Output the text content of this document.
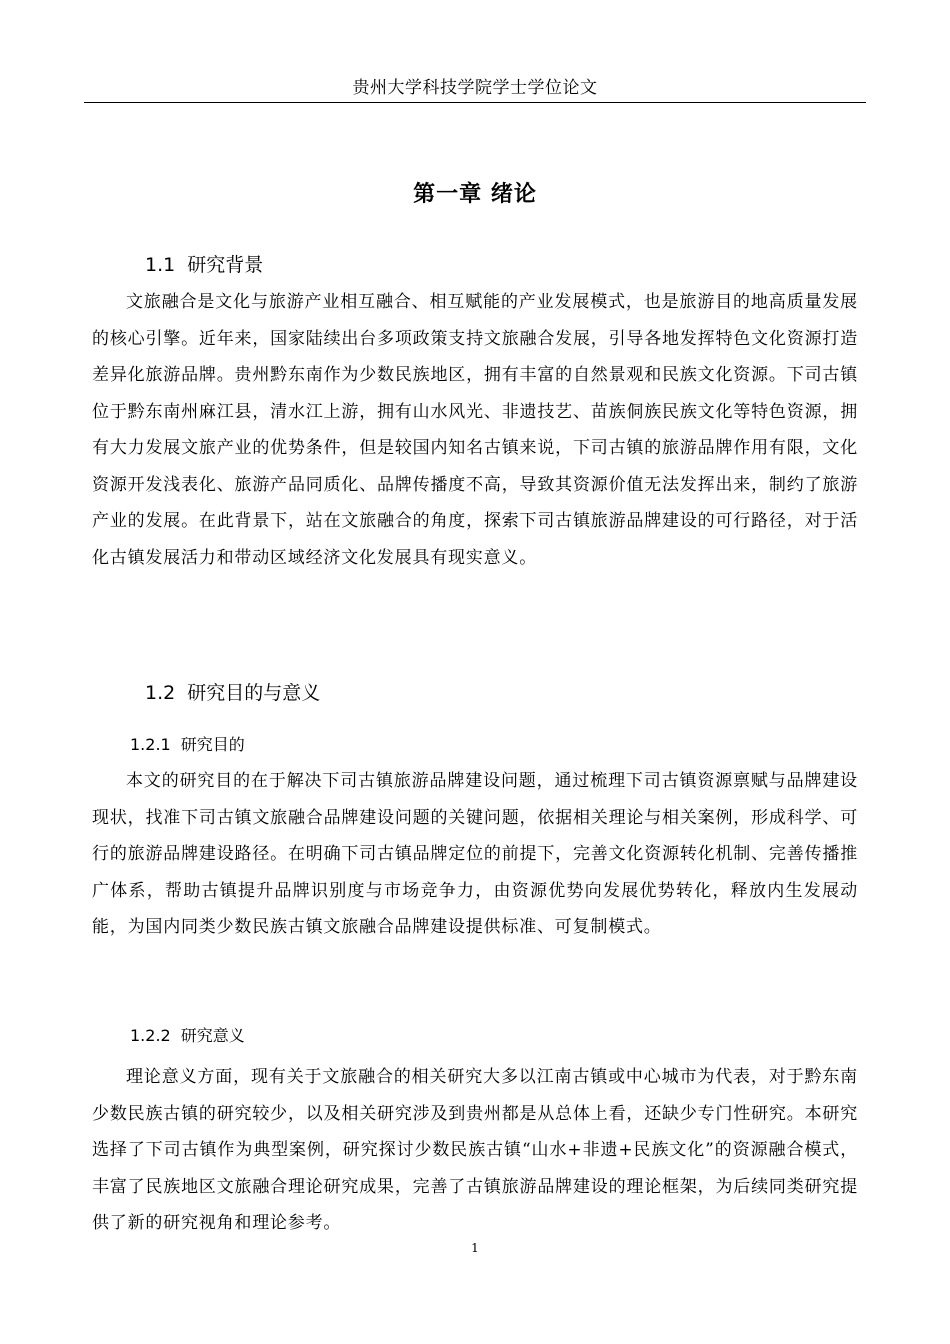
贵州大学科技学院学士学位论文
第一章 绪论
1.1 研究背景

文旅融合是文化与旅游产业相互融合、相互赋能的产业发展模式，也是旅游目的地高质量发展的核心引擎。近年来，国家陆续出台多项政策支持文旅融合发展，引导各地发挥特色文化资源打造差异化旅游品牌。贵州黔东南作为少数民族地区，拥有丰富的自然景观和民族文化资源。下司古镇位于黔东南州麻江县，清水江上游，拥有山水风光、非遗技艺、苗族侗族民族文化等特色资源，拥有大力发展文旅产业的优势条件，但是较国内知名古镇来说，下司古镇的旅游品牌作用有限，文化资源开发浅表化、旅游产品同质化、品牌传播度不高，导致其资源价值无法发挥出来，制约了旅游产业的发展。在此背景下，站在文旅融合的角度，探索下司古镇旅游品牌建设的可行路径，对于活化古镇发展活力和带动区域经济文化发展具有现实意义。

1.2 研究目的与意义
1.2.1 研究目的

本文的研究目的在于解决下司古镇旅游品牌建设问题，通过梳理下司古镇资源禀赋与品牌建设现状，找准下司古镇文旅融合品牌建设问题的关键问题，依据相关理论与相关案例，形成科学、可行的旅游品牌建设路径。在明确下司古镇品牌定位的前提下，完善文化资源转化机制、完善传播推广体系，帮助古镇提升品牌识别度与市场竞争力，由资源优势向发展优势转化，释放内生发展动能，为国内同类少数民族古镇文旅融合品牌建设提供标准、可复制模式。

1.2.2 研究意义

理论意义方面，现有关于文旅融合的相关研究大多以江南古镇或中心城市为代表，对于黔东南少数民族古镇的研究较少，以及相关研究涉及到贵州都是从总体上看，还缺少专门性研究。本研究选择了下司古镇作为典型案例，研究探讨少数民族古镇“山水+非遗+民族文化”的资源融合模式，丰富了民族地区文旅融合理论研究成果，完善了古镇旅游品牌建设的理论框架，为后续同类研究提供了新的研究视角和理论参考。

1
